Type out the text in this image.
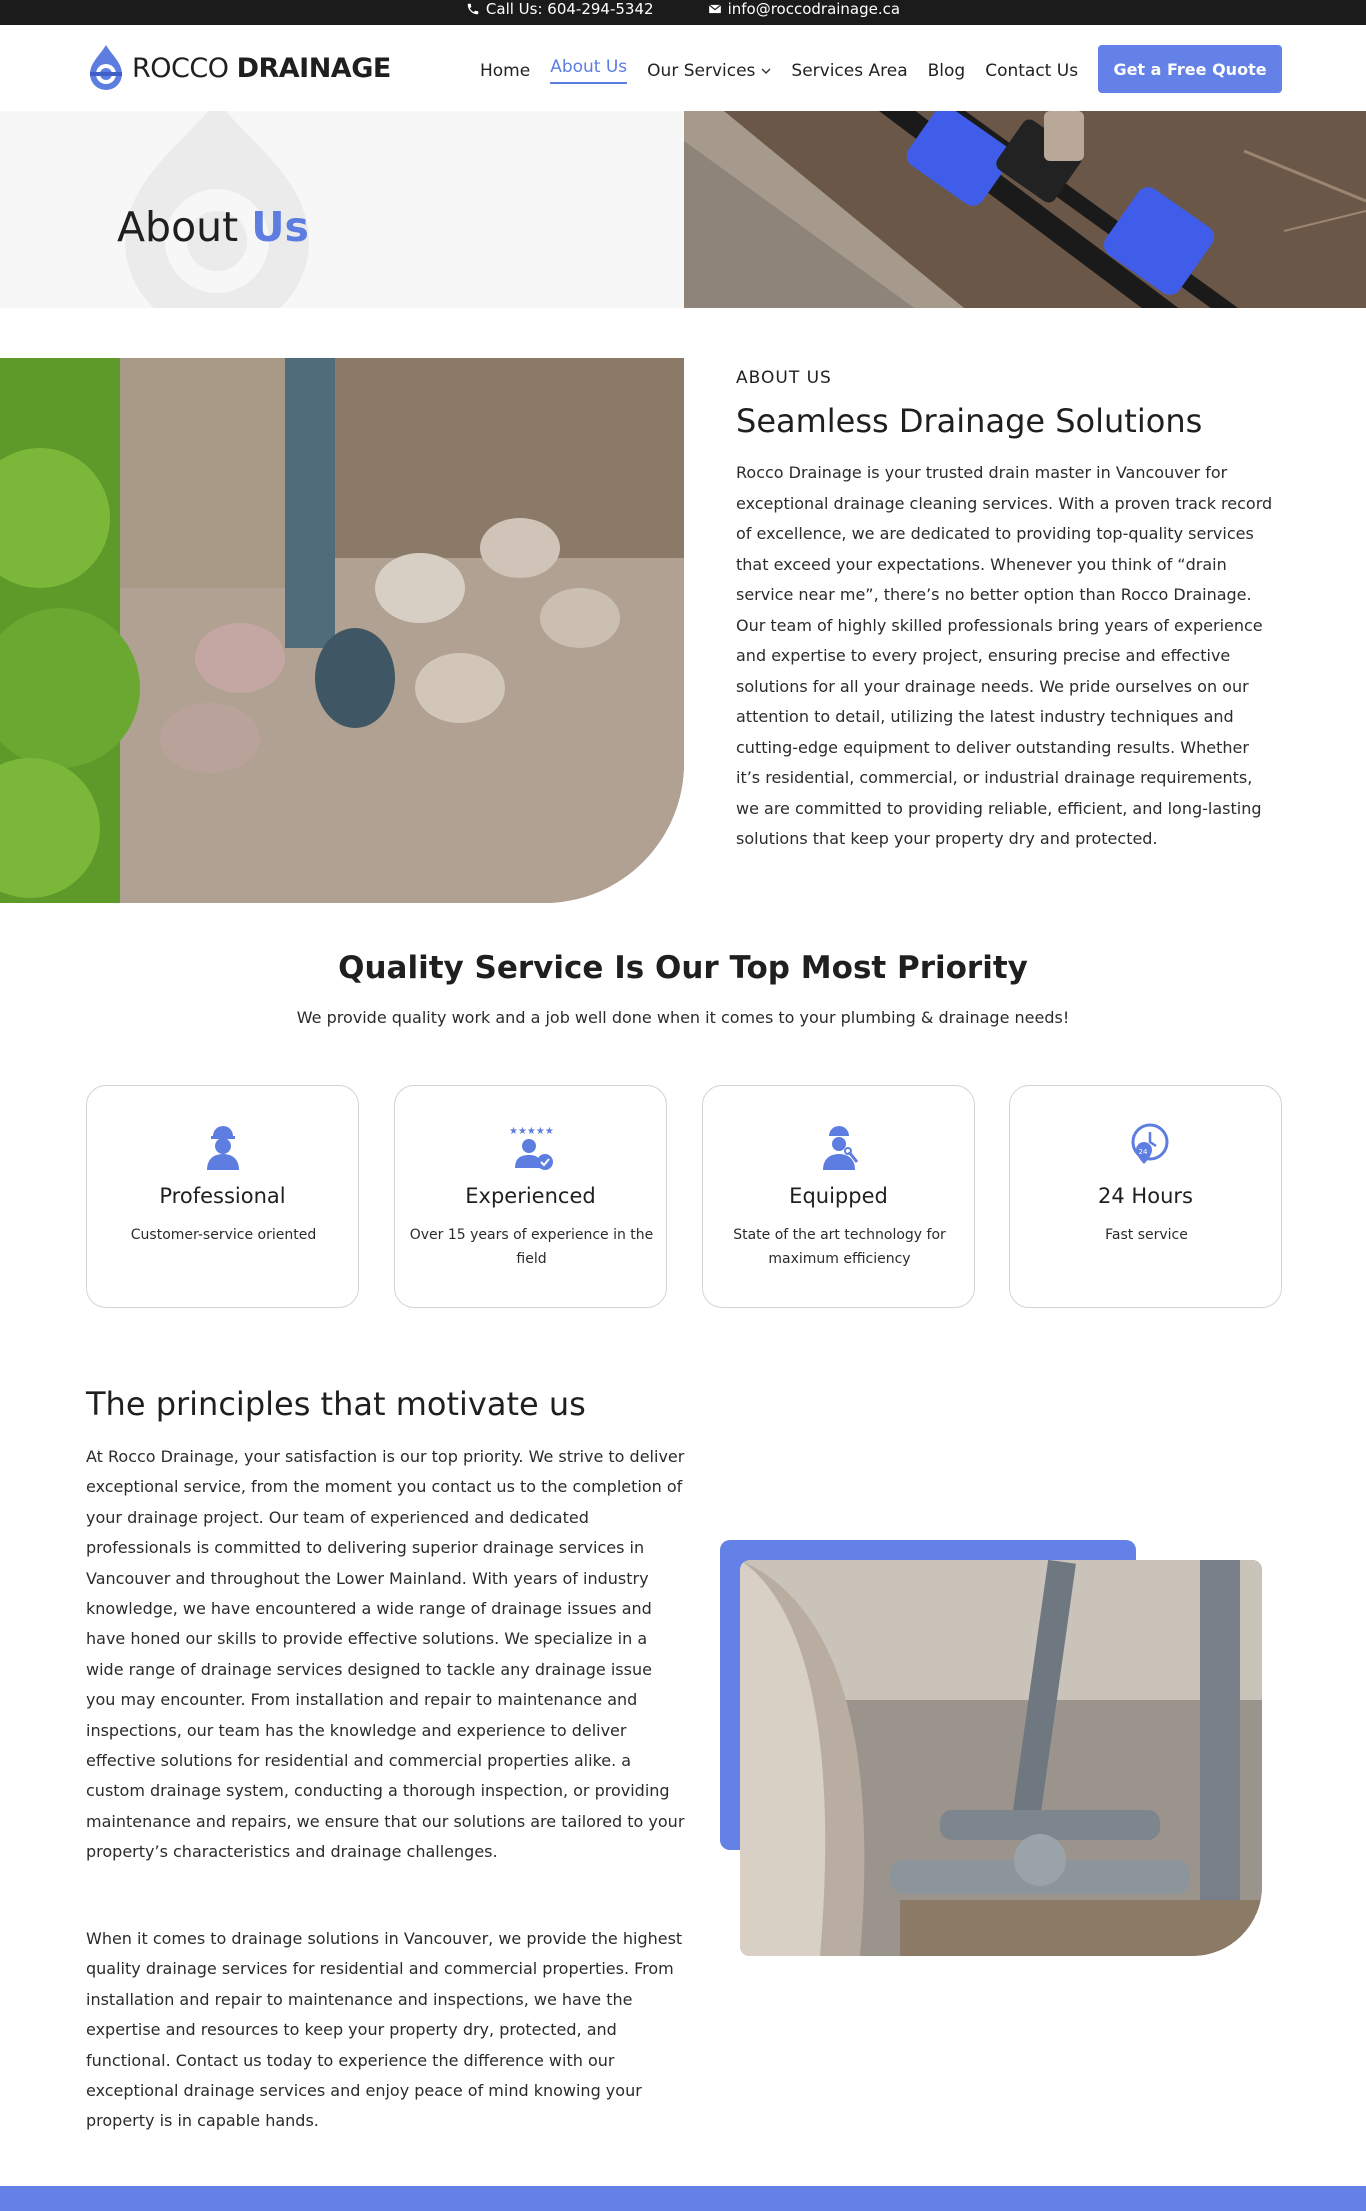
Call Us: 604-294-5342	info@roccodrainage.ca
ROCCO DRAINAGE	Home About Us Our Services Services Area Blog Contact Us	Get a Free Quote
About Us
ABOUT US
Seamless Drainage Solutions

Rocco Drainage is your trusted drain master in Vancouver for exceptional drainage cleaning services. With a proven track record of excellence, we are dedicated to providing top-quality services that exceed your expectations. Whenever you think of “drain service near me”, there’s no better option than Rocco Drainage. Our team of highly skilled professionals bring years of experience and expertise to every project, ensuring precise and effective solutions for all your drainage needs. We pride ourselves on our attention to detail, utilizing the latest industry techniques and cutting-edge equipment to deliver outstanding results. Whether it’s residential, commercial, or industrial drainage requirements, we are committed to providing reliable, efficient, and long-lasting solutions that keep your property dry and protected.

Quality Service Is Our Top Most Priority

We provide quality work and a job well done when it comes to your plumbing & drainage needs!

Professional
Customer-service oriented
★★★★★
Experienced
Over 15 years of experience in the field
Equipped
State of the art technology for maximum efficiency
24
24 Hours
Fast service
The principles that motivate us

At Rocco Drainage, your satisfaction is our top priority. We strive to deliver exceptional service, from the moment you contact us to the completion of your drainage project. Our team of experienced and dedicated professionals is committed to delivering superior drainage services in Vancouver and throughout the Lower Mainland. With years of industry knowledge, we have encountered a wide range of drainage issues and have honed our skills to provide effective solutions. We specialize in a wide range of drainage services designed to tackle any drainage issue you may encounter. From installation and repair to maintenance and inspections, our team has the knowledge and experience to deliver effective solutions for residential and commercial properties alike. a custom drainage system, conducting a thorough inspection, or providing maintenance and repairs, we ensure that our solutions are tailored to your property’s characteristics and drainage challenges.

When it comes to drainage solutions in Vancouver, we provide the highest quality drainage services for residential and commercial properties. From installation and repair to maintenance and inspections, we have the expertise and resources to keep your property dry, protected, and functional. Contact us today to experience the difference with our exceptional drainage services and enjoy peace of mind knowing your property is in capable hands.
